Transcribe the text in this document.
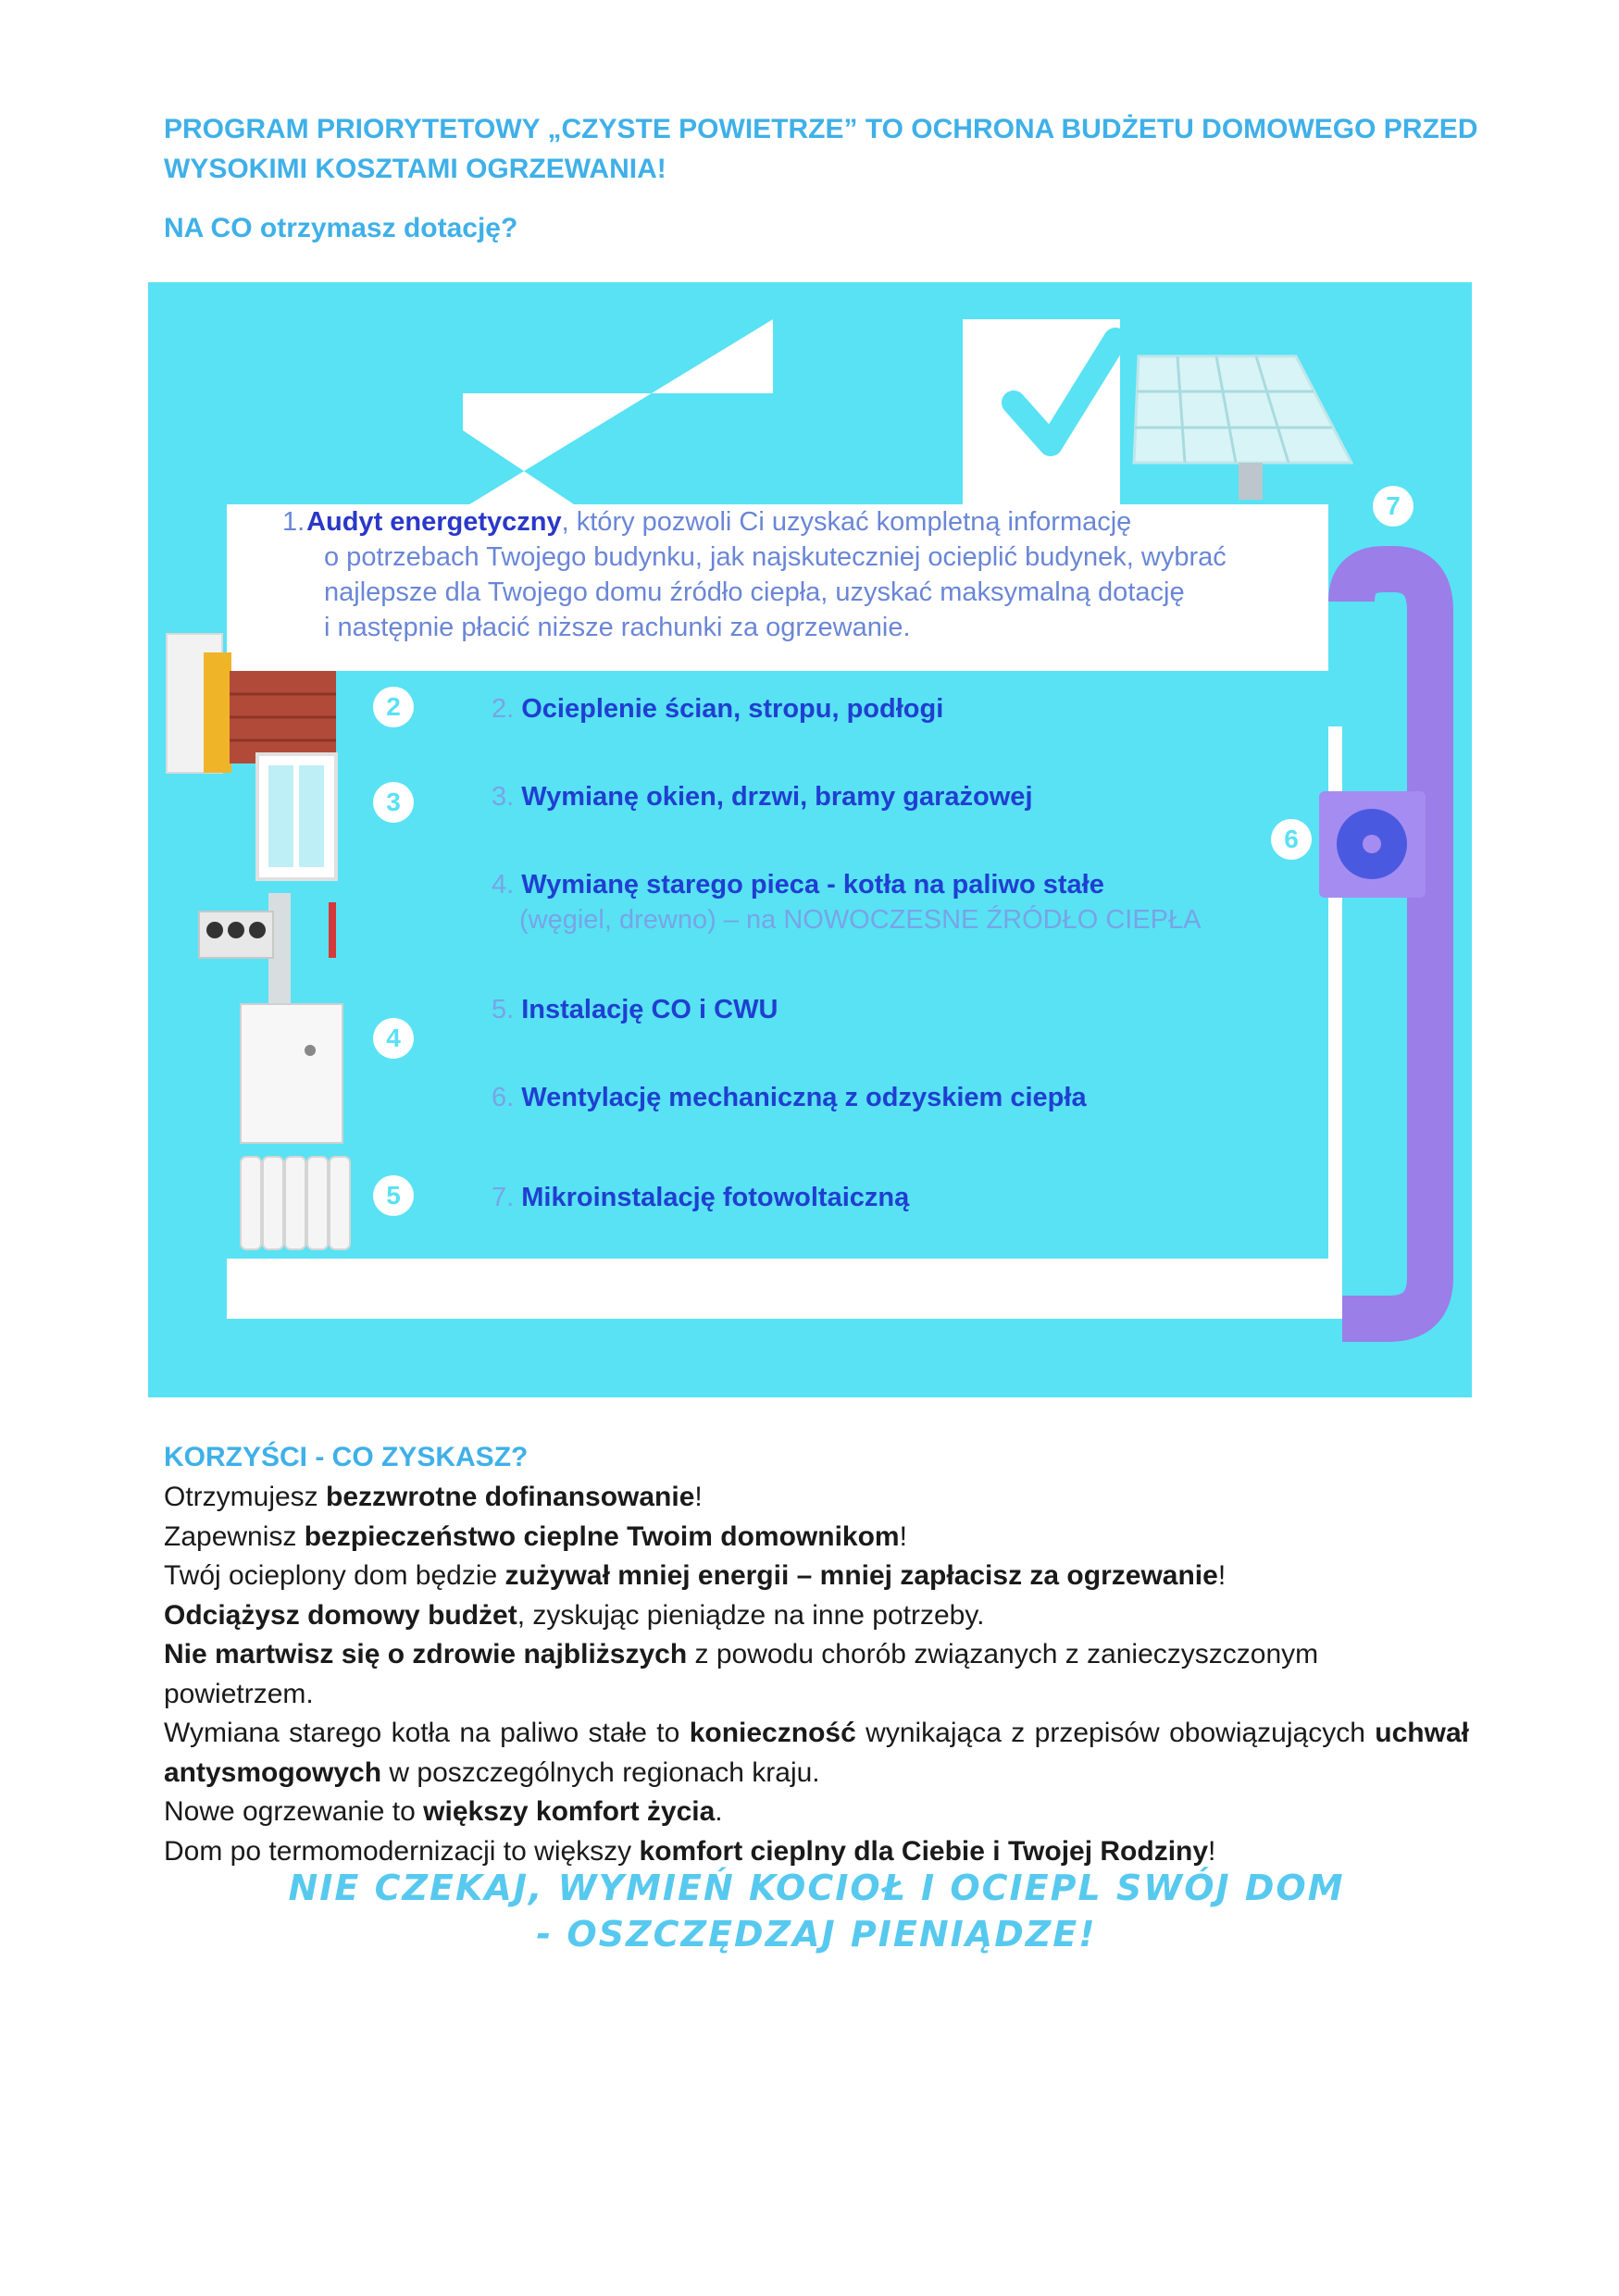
PROGRAM PRIORYTETOWY „CZYSTE POWIETRZE” TO OCHRONA BUDŻETU DOMOWEGO PRZED
WYSOKIMI KOSZTAMI OGRZEWANIA!
NA CO otrzymasz dotację?
1. Audyt energetyczny, który pozwoli Ci uzyskać kompletną informację
o potrzebach Twojego budynku, jak najskuteczniej ocieplić budynek, wybrać
najlepsze dla Twojego domu źródło ciepła, uzyskać maksymalną dotację
i następnie płacić niższe rachunki za ogrzewanie.
2. Ocieplenie ścian, stropu, podłogi
3. Wymianę okien, drzwi, bramy garażowej
4. Wymianę starego pieca - kotła na paliwo stałe
(węgiel, drewno) – na NOWOCZESNE ŹRÓDŁO CIEPŁA
5. Instalację CO i CWU
6. Wentylację mechaniczną z odzyskiem ciepła
7. Mikroinstalację fotowoltaiczną
2
3
4
5
6
7
KORZYŚCI - CO ZYSKASZ?

Otrzymujesz bezzwrotne dofinansowanie!

Zapewnisz bezpieczeństwo cieplne Twoim domownikom!

Twój ocieplony dom będzie zużywał mniej energii – mniej zapłacisz za ogrzewanie!

Odciążysz domowy budżet, zyskując pieniądze na inne potrzeby.

Nie martwisz się o zdrowie najbliższych z powodu chorób związanych z zanieczyszczonym powietrzem.

Wymiana starego kotła na paliwo stałe to konieczność wynikająca z przepisów obowiązujących uchwał antysmogowych w poszczególnych regionach kraju.

Nowe ogrzewanie to większy komfort życia.

Dom po termomodernizacji to większy komfort cieplny dla Ciebie i Twojej Rodziny!

NIE CZEKAJ, WYMIEŃ KOCIOŁ I OCIEPL SWÓJ DOM
- OSZCZĘDZAJ PIENIĄDZE!
